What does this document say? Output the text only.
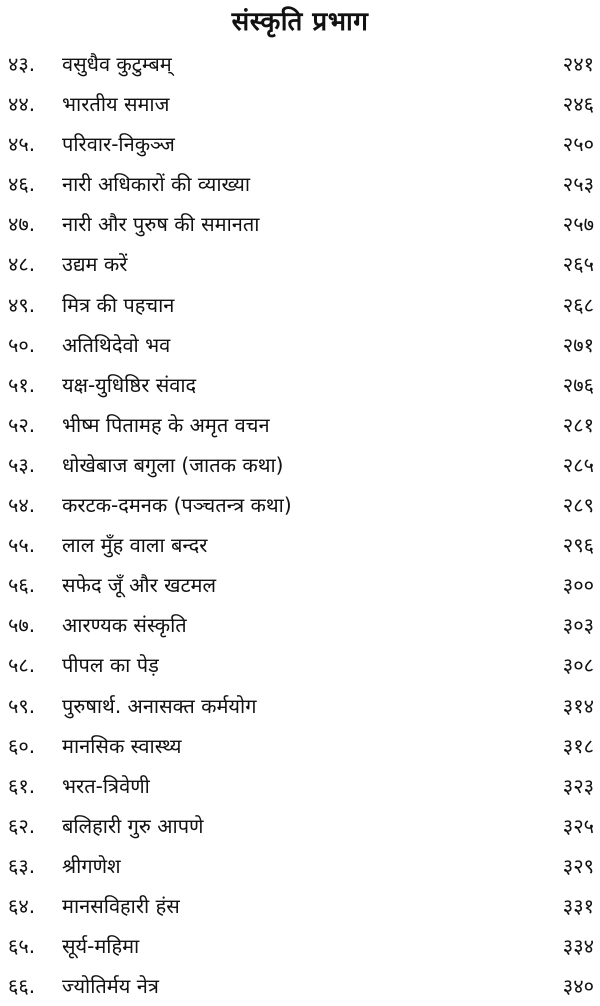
संस्कृति प्रभाग
४३.	वसुधैव कुटुम्बम्	२४१
४४.	भारतीय समाज	२४६
४५.	परिवार-निकुञ्ज	२५०
४६.	नारी अधिकारों की व्याख्या	२५३
४७.	नारी और पुरुष की समानता	२५७
४८.	उद्यम करें	२६५
४९.	मित्र की पहचान	२६८
५०.	अतिथिदेवो भव	२७१
५१.	यक्ष-युधिष्ठिर संवाद	२७६
५२.	भीष्म पितामह के अमृत वचन	२८१
५३.	धोखेबाज बगुला (जातक कथा)	२८५
५४.	करटक-दमनक (पञ्चतन्त्र कथा)	२८९
५५.	लाल मुँह वाला बन्दर	२९६
५६.	सफेद जूँ और खटमल	३००
५७.	आरण्यक संस्कृति	३०३
५८.	पीपल का पेड़	३०८
५९.	पुरुषार्थ. अनासक्त कर्मयोग	३१४
६०.	मानसिक स्वास्थ्य	३१८
६१.	भरत-त्रिवेणी	३२३
६२.	बलिहारी गुरु आपणे	३२५
६३.	श्रीगणेश	३२९
६४.	मानसविहारी हंस	३३१
६५.	सूर्य-महिमा	३३४
६६.	ज्योतिर्मय नेत्र	३४०
